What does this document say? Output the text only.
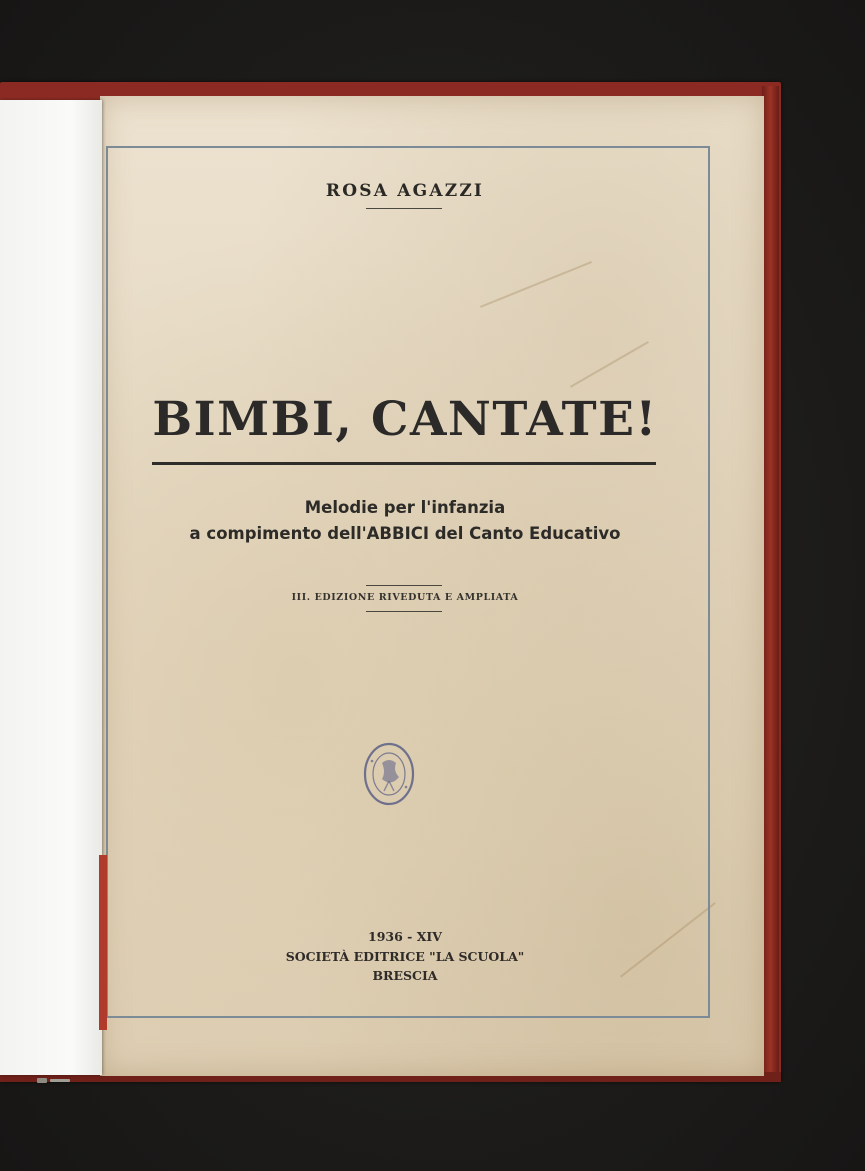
ROSA AGAZZI
BIMBI, CANTATE!
Melodie per l'infanzia
a compimento dell'ABBICI del Canto Educativo
III. EDIZIONE RIVEDUTA E AMPLIATA
1936 - XIV
SOCIETÀ EDITRICE "LA SCUOLA"
BRESCIA
